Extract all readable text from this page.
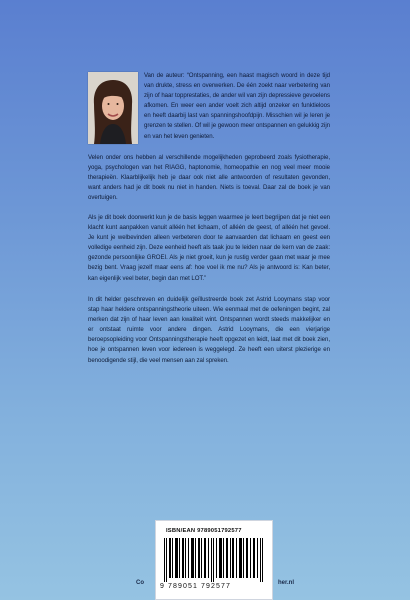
Van de auteur: “Ontspanning, een haast magisch woord in deze tijd van drukte, stress en overwerken. De één zoekt naar verbetering van zijn of haar topprestaties, de ander wil van zijn depressieve gevoelens afkomen. En weer een ander voelt zich altijd onzeker en funktieloos en heeft daarbij last van spanningshoofdpijn. Misschien wil je leren je grenzen te stellen. Of wil je gewoon meer ontspannen en gelukkig zijn en van het leven genieten.

Velen onder ons hebben al verschillende mogelijkheden geprobeerd zoals fysiotherapie, yoga, psychologen van het RIAGG, haptonomie, homeopathie en nog veel meer mooie therapieën. Klaarblijkelijk heb je daar ook niet alle antwoorden of resultaten gevonden, want anders had je dit boek nu niet in handen. Niets is toeval. Daar zal de boek je van overtuigen.

Als je dit boek doorwerkt kun je de basis leggen waarmee je leert begrijpen dat je niet een klacht kunt aanpakken vanuit alléén het lichaam, of alléén de geest, of alléén het gevoel. Je kunt je welbevinden alleen verbeteren door te aanvaarden dat lichaam en geest een volledige eenheid zijn. Deze eenheid heeft als taak jou te leiden naar de kern van de zaak: gezonde persoonlijke GROEI. Als je niet groeit, kun je rustig verder gaan met waar je mee bezig bent. Vraag jezelf maar eens af: hoe voel ik me nu? Als je antwoord is: Kan beter, kan eigenlijk veel beter, begin dan met LOT.”

In dit helder geschreven en duidelijk geïllustreerde boek zet Astrid Looymans stap voor stap haar heldere ontspanningstheorie uiteen. Wie eenmaal met de oefeningen begint, zal merken dat zijn of haar leven aan kwaliteit wint. Ontspannen wordt steeds makkelijker en er ontstaat ruimte voor andere dingen. Astrid Looymans, die een vierjarige beroepsopleiding voor Ontspanningstherapie heeft opgezet en leidt, laat met dit boek zien, hoe je ontspannen leven voor iedereen is weggelegd. Ze heeft een uiterst plezierige en benoodigende stijl, die veel mensen aan zal spreken.

ISBN/EAN 9789051792577
9 789051 792577
Co	her.nl
